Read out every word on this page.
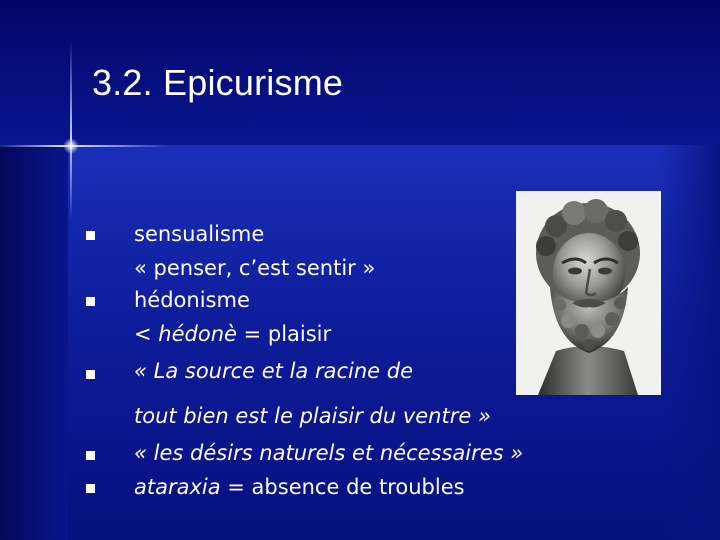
3.2. Epicurisme
sensualisme
« penser, c’est sentir »
hédonisme
< hédonè = plaisir
« La source et la racine de
tout bien est le plaisir du ventre »
« les désirs naturels et nécessaires »
ataraxia = absence de troubles
